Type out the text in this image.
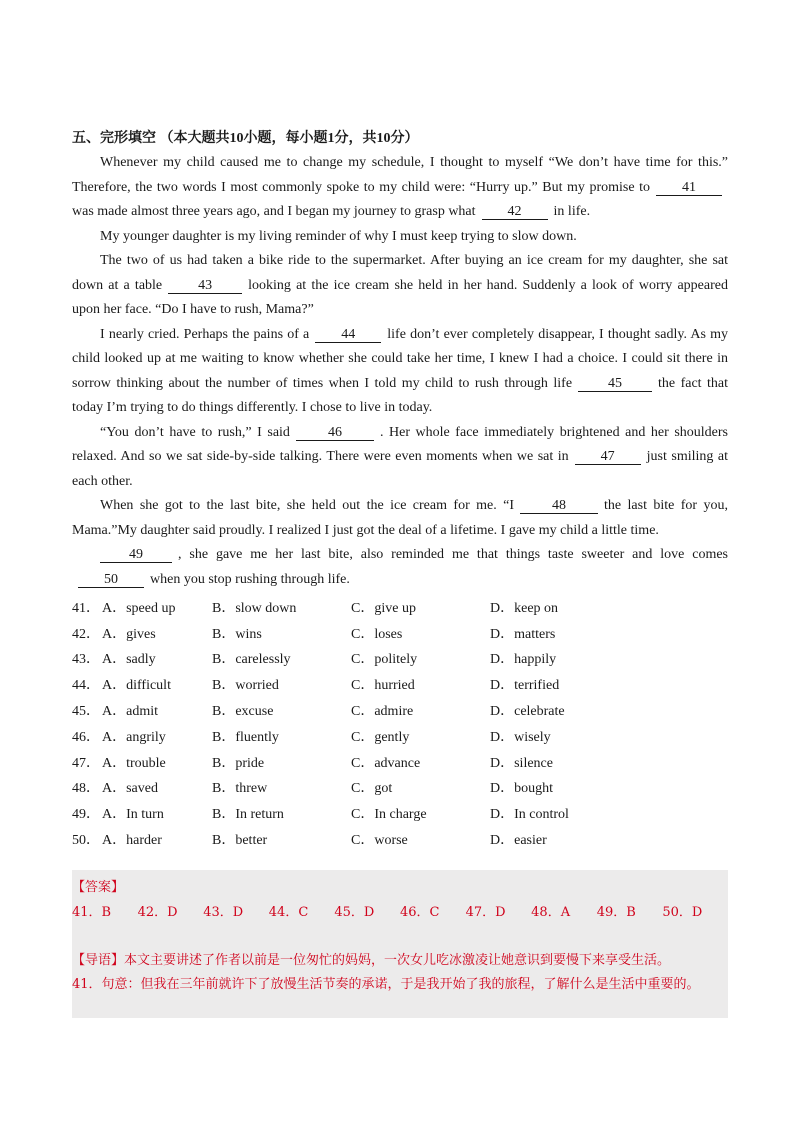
五、完形填空 （本大题共10小题，每小题1分，共10分）

Whenever my child caused me to change my schedule, I thought to myself “We don’t have time for this.” Therefore, the two words I most commonly spoke to my child were: “Hurry up.” But my promise to 41was made almost three years ago, and I began my journey to grasp what 42 in life.

My younger daughter is my living reminder of why I must keep trying to slow down.

The two of us had taken a bike ride to the supermarket. After buying an ice cream for my daughter, she sat down at a table	43	looking at the ice cream she held in her hand. Suddenly a look of worry appeared upon her face. “Do I have to rush, Mama?”

I nearly cried. Perhaps the pains of a 44 life don’t ever completely disappear, I thought sadly. As my child looked up at me waiting to know whether she could take her time, I knew I had a choice. I could sit there in sorrow thinking about the number of times when I told my child to rush through life	45	the fact that today I’m trying to do things differently. I chose to live in today.

“You don’t have to rush,” I said	46	. Her whole face immediately brightened and her shoulders relaxed. And so we sat side-by-side talking. There were even moments when we sat in 47 just smiling at each other.

When she got to the last bite, she held out the ice cream for me. “I	48	the last bite for you, Mama.”My daughter said proudly. I realized I just got the deal of a lifetime. I gave my child a little time.

49	, she gave me her last bite, also reminded me that things taste sweeter and love comes50 when you stop rushing through life.

41． A．speed up	B．slow down	C．give up	D．keep on
42． A．gives	B．wins	C．loses	D．matters
43． A．sadly	B．carelessly	C．politely	D．happily
44． A．difficult	B．worried	C．hurried	D．terrified
45． A．admit	B．excuse	C．admire	D．celebrate
46． A．angrily	B．fluently	C．gently	D．wisely
47． A．trouble	B．pride	C．advance	D．silence
48． A．saved	B．threw	C．got	D．bought
49． A．In turn	B．In return	C．In charge	D．In control
50． A．harder	B．better	C．worse	D．easier
【答案】
41．B	42．D	43．D	44．C	45．D	46．C	47．D	48．A	49．B	50．D

【导语】本文主要讲述了作者以前是一位匆忙的妈妈，一次女儿吃冰激凌让她意识到要慢下来享受生活。

41．句意：但我在三年前就许下了放慢生活节奏的承诺，于是我开始了我的旅程，了解什么是生活中重要的。
